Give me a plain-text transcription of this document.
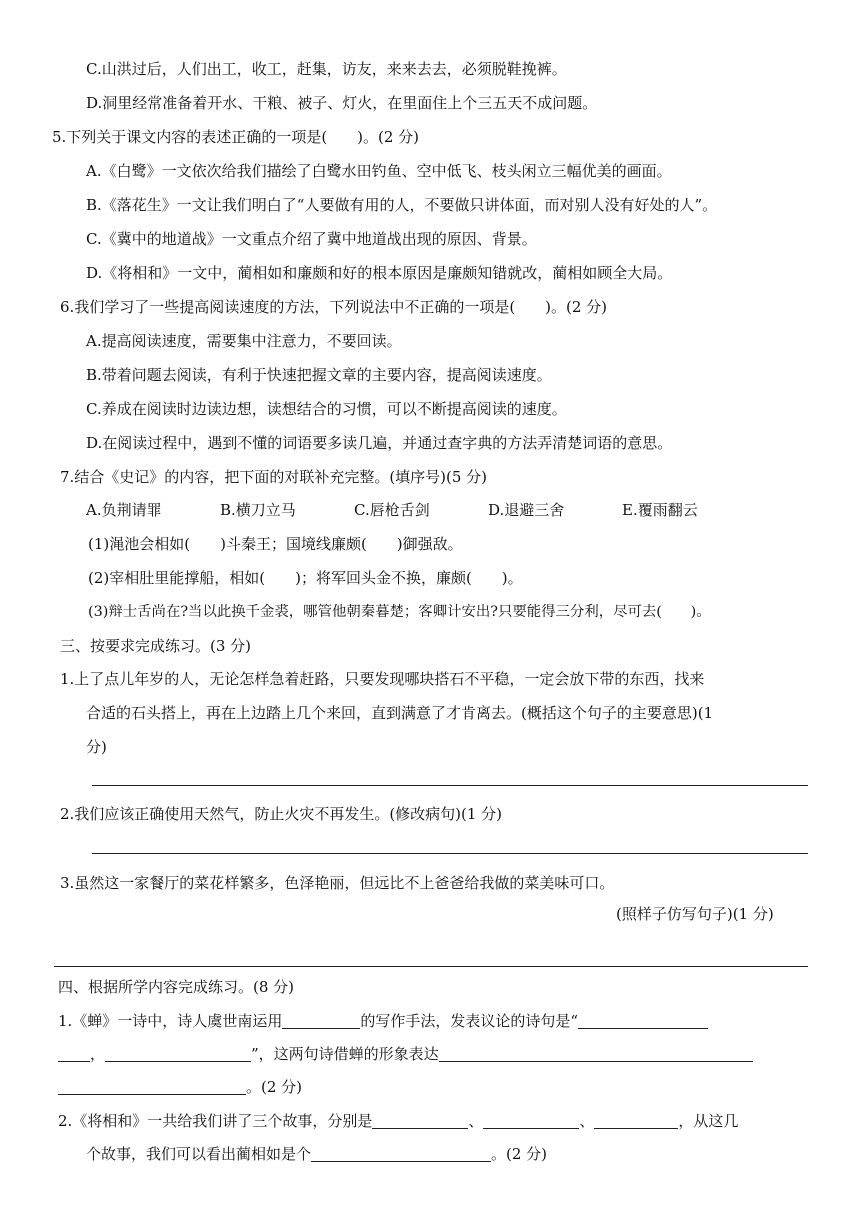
C.山洪过后，人们出工，收工，赶集，访友，来来去去，必须脱鞋挽裤。
D.洞里经常准备着开水、干粮、被子、灯火，在里面住上个三五天不成问题。
5.下列关于课文内容的表述正确的一项是(　　)。(2 分)
A.《白鹭》一文依次给我们描绘了白鹭水田钓鱼、空中低飞、枝头闲立三幅优美的画面。
B.《落花生》一文让我们明白了“人要做有用的人，不要做只讲体面，而对别人没有好处的人”。
C.《冀中的地道战》一文重点介绍了冀中地道战出现的原因、背景。
D.《将相和》一文中，蔺相如和廉颇和好的根本原因是廉颇知错就改，蔺相如顾全大局。
6.我们学习了一些提高阅读速度的方法，下列说法中不正确的一项是(　　)。(2 分)
A.提高阅读速度，需要集中注意力，不要回读。
B.带着问题去阅读，有利于快速把握文章的主要内容，提高阅读速度。
C.养成在阅读时边读边想，读想结合的习惯，可以不断提高阅读的速度。
D.在阅读过程中，遇到不懂的词语要多读几遍，并通过查字典的方法弄清楚词语的意思。
7.结合《史记》的内容，把下面的对联补充完整。(填序号)(5 分)
A.负荆请罪	B.横刀立马	C.唇枪舌剑	D.退避三舍	E.覆雨翻云
(1)渑池会相如(　　)斗秦王；国境线廉颇(　　)御强敌。
(2)宰相肚里能撑船，相如(　　)；将军回头金不换，廉颇(　　)。
(3)辩士舌尚在?当以此换千金裘，哪管他朝秦暮楚；客卿计安出?只要能得三分利，尽可去(　　)。
三、按要求完成练习。(3 分)
1.上了点儿年岁的人，无论怎样急着赶路，只要发现哪块搭石不平稳，一定会放下带的东西，找来
合适的石头搭上，再在上边踏上几个来回，直到满意了才肯离去。(概括这个句子的主要意思)(1
分)
2.我们应该正确使用天然气，防止火灾不再发生。(修改病句)(1 分)
3.虽然这一家餐厅的菜花样繁多，色泽艳丽，但远比不上爸爸给我做的菜美味可口。
(照样子仿写句子)(1 分)
四、根据所学内容完成练习。(8 分)
1.《蝉》一诗中，诗人虞世南运用	的写作手法，发表议论的诗句是“
，	”，这两句诗借蝉的形象表达
。(2 分)
2.《将相和》一共给我们讲了三个故事，分别是	、	、	，从这几
个故事，我们可以看出蔺相如是个	。(2 分)
